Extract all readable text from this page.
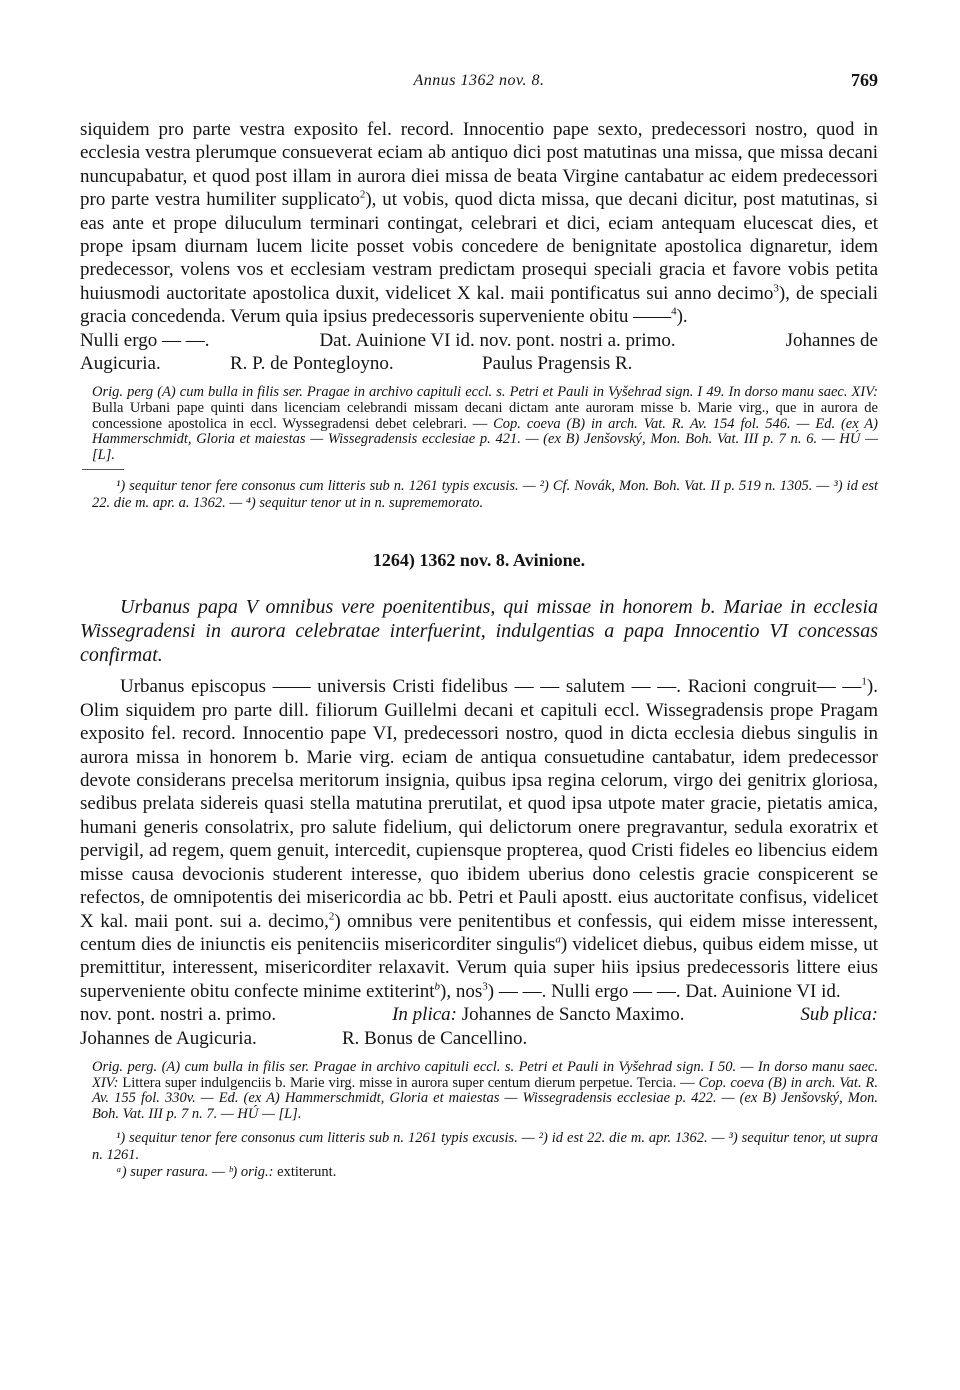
Annus 1362 nov. 8.	769

siquidem pro parte vestra exposito fel. record. Innocentio pape sexto, predecessori nostro, quod in ecclesia vestra plerumque consueverat eciam ab antiquo dici post matutinas una missa, que missa decani nuncupabatur, et quod post illam in aurora diei missa de beata Virgine cantabatur ac eidem predecessori pro parte vestra humiliter supplicato$^2$), ut vobis, quod dicta missa, que decani dicitur, post matutinas, si eas ante et prope diluculum terminari contingat, celebrari et dici, eciam antequam elucescat dies, et prope ipsam diurnam lucem licite posset vobis concedere de benignitate apostolica dignaretur, idem predecessor, volens vos et ecclesiam vestram predictam prosequi speciali gracia et favore vobis petita huiusmodi auctoritate apostolica duxit, videlicet X kal. maii pontificatus sui anno decimo$^3$), de speciali gracia concedenda. Verum quia ipsius predecessoris superveniente obitu ——$^4$).

Nulli ergo — —.	Dat. Auinione VI id. nov. pont. nostri a. primo.	Johannes de
Augicuria.	R. P. de Pontegloyno.	Paulus Pragensis R.

Orig. perg (A) cum bulla in filis ser. Pragae in archivo capituli eccl. s. Petri et Pauli in Vyšehrad sign. I 49. In dorso manu saec. XIV: Bulla Urbani pape quinti dans licenciam celebrandi missam decani dictam ante auroram misse b. Marie virg., que in aurora de concessione apostolica in eccl. Wyssegradensi debet celebrari. — Cop. coeva (B) in arch. Vat. R. Av. 154 fol. 546. — Ed. (ex A) Hammerschmidt, Gloria et maiestas — Wissegradensis ecclesiae p. 421. — (ex B) Jenšovský, Mon. Boh. Vat. III p. 7 n. 6. — HÚ — [L].

¹) sequitur tenor fere consonus cum litteris sub n. 1261 typis excusis. — ²) Cf. Novák, Mon. Boh. Vat. II p. 519 n. 1305. — ³) id est 22. die m. apr. a. 1362. — ⁴) sequitur tenor ut in n. suprememorato.

1264) 1362 nov. 8. Avinione.

Urbanus papa V omnibus vere poenitentibus, qui missae in honorem b. Mariae in ecclesia Wissegradensi in aurora celebratae interfuerint, indulgentias a papa Innocentio VI concessas confirmat.

Urbanus episcopus —— universis Cristi fidelibus — — salutem — —. Racioni congruit— —$^1$). Olim siquidem pro parte dill. filiorum Guillelmi decani et capituli eccl. Wissegradensis prope Pragam exposito fel. record. Innocentio pape VI, predecessori nostro, quod in dicta ecclesia diebus singulis in aurora missa in honorem b. Marie virg. eciam de antiqua consuetudine cantabatur, idem predecessor devote considerans precelsa meritorum insignia, quibus ipsa regina celorum, virgo dei genitrix gloriosa, sedibus prelata sidereis quasi stella matutina prerutilat, et quod ipsa utpote mater gracie, pietatis amica, humani generis consolatrix, pro salute fidelium, qui delictorum onere pregravantur, sedula exoratrix et pervigil, ad regem, quem genuit, intercedit, cupiensque propterea, quod Cristi fideles eo libencius eidem misse causa devocionis studerent interesse, quo ibidem uberius dono celestis gracie conspicerent se refectos, de omnipotentis dei misericordia ac bb. Petri et Pauli apostt. eius auctoritate confisus, videlicet X kal. maii pont. sui a. decimo,$^2$) omnibus vere penitentibus et confessis, qui eidem misse interessent, centum dies de iniunctis eis penitenciis misericorditer singulis$^a$) videlicet diebus, quibus eidem misse, ut premittitur, interessent, misericorditer relaxavit. Verum quia super hiis ipsius predecessoris littere eius superveniente obitu confecte minime extiterint$^b$), nos$^3$) — —. Nulli ergo — —. Dat. Auinione VI id.

nov. pont. nostri a. primo.	In plica: Johannes de Sancto Maximo.	Sub plica:
Johannes de Augicuria.	R. Bonus de Cancellino.

Orig. perg. (A) cum bulla in filis ser. Pragae in archivo capituli eccl. s. Petri et Pauli in Vyšehrad sign. I 50. — In dorso manu saec. XIV: Littera super indulgenciis b. Marie virg. misse in aurora super centum dierum perpetue. Tercia. — Cop. coeva (B) in arch. Vat. R. Av. 155 fol. 330v. — Ed. (ex A) Hammerschmidt, Gloria et maiestas — Wissegradensis ecclesiae p. 422. — (ex B) Jenšovský, Mon. Boh. Vat. III p. 7 n. 7. — HÚ — [L].

¹) sequitur tenor fere consonus cum litteris sub n. 1261 typis excusis. — ²) id est 22. die m. apr. 1362. — ³) sequitur tenor, ut supra n. 1261.

ᵃ) super rasura. — ᵇ) orig.: extiterunt.
